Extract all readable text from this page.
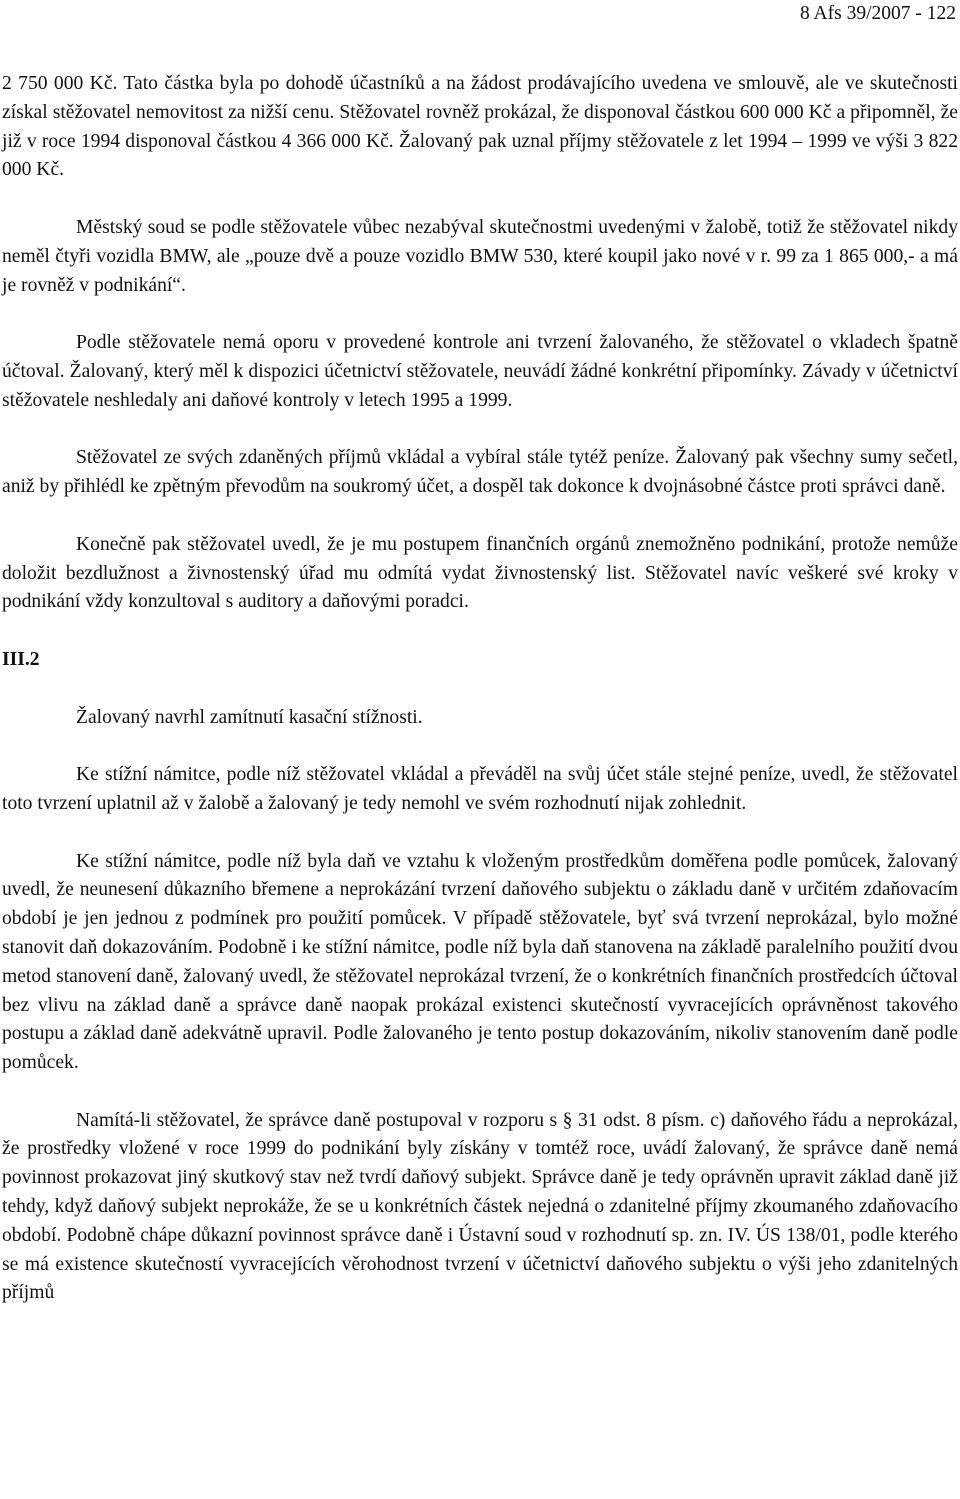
8 Afs 39/2007 - 122

2 750 000 Kč. Tato částka byla po dohodě účastníků a na žádost prodávajícího uvedena ve smlouvě, ale ve skutečnosti získal stěžovatel nemovitost za nižší cenu. Stěžovatel rovněž prokázal, že disponoval částkou 600 000 Kč a připomněl, že již v roce 1994 disponoval částkou 4 366 000 Kč. Žalovaný pak uznal příjmy stěžovatele z let 1994 – 1999 ve výši 3 822 000 Kč.

Městský soud se podle stěžovatele vůbec nezabýval skutečnostmi uvedenými v žalobě, totiž že stěžovatel nikdy neměl čtyři vozidla BMW, ale „pouze dvě a pouze vozidlo BMW 530, které koupil jako nové v r. 99 za 1 865 000,- a má je rovněž v podnikání“.

Podle stěžovatele nemá oporu v provedené kontrole ani tvrzení žalovaného, že stěžovatel o vkladech špatně účtoval. Žalovaný, který měl k dispozici účetnictví stěžovatele, neuvádí žádné konkrétní připomínky. Závady v účetnictví stěžovatele neshledaly ani daňové kontroly v letech 1995 a 1999.

Stěžovatel ze svých zdaněných příjmů vkládal a vybíral stále tytéž peníze. Žalovaný pak všechny sumy sečetl, aniž by přihlédl ke zpětným převodům na soukromý účet, a dospěl tak dokonce k dvojnásobné částce proti správci daně.

Konečně pak stěžovatel uvedl, že je mu postupem finančních orgánů znemožněno podnikání, protože nemůže doložit bezdlužnost a živnostenský úřad mu odmítá vydat živnostenský list. Stěžovatel navíc veškeré své kroky v podnikání vždy konzultoval s auditory a daňovými poradci.

III.2

Žalovaný navrhl zamítnutí kasační stížnosti.

Ke stížní námitce, podle níž stěžovatel vkládal a převáděl na svůj účet stále stejné peníze, uvedl, že stěžovatel toto tvrzení uplatnil až v žalobě a žalovaný je tedy nemohl ve svém rozhodnutí nijak zohlednit.

Ke stížní námitce, podle níž byla daň ve vztahu k vloženým prostředkům doměřena podle pomůcek, žalovaný uvedl, že neunesení důkazního břemene a neprokázání tvrzení daňového subjektu o základu daně v určitém zdaňovacím období je jen jednou z podmínek pro použití pomůcek. V případě stěžovatele, byť svá tvrzení neprokázal, bylo možné stanovit daň dokazováním. Podobně i ke stížní námitce, podle níž byla daň stanovena na základě paralelního použití dvou metod stanovení daně, žalovaný uvedl, že stěžovatel neprokázal tvrzení, že o konkrétních finančních prostředcích účtoval bez vlivu na základ daně a správce daně naopak prokázal existenci skutečností vyvracejících oprávněnost takového postupu a základ daně adekvátně upravil. Podle žalovaného je tento postup dokazováním, nikoliv stanovením daně podle pomůcek.

Namítá-li stěžovatel, že správce daně postupoval v rozporu s § 31 odst. 8 písm. c) daňového řádu a neprokázal, že prostředky vložené v roce 1999 do podnikání byly získány v tomtéž roce, uvádí žalovaný, že správce daně nemá povinnost prokazovat jiný skutkový stav než tvrdí daňový subjekt. Správce daně je tedy oprávněn upravit základ daně již tehdy, když daňový subjekt neprokáže, že se u konkrétních částek nejedná o zdanitelné příjmy zkoumaného zdaňovacího období. Podobně chápe důkazní povinnost správce daně i Ústavní soud v rozhodnutí sp. zn. IV. ÚS 138/01, podle kterého se má existence skutečností vyvracejících věrohodnost tvrzení v účetnictví daňového subjektu o výši jeho zdanitelných příjmů
